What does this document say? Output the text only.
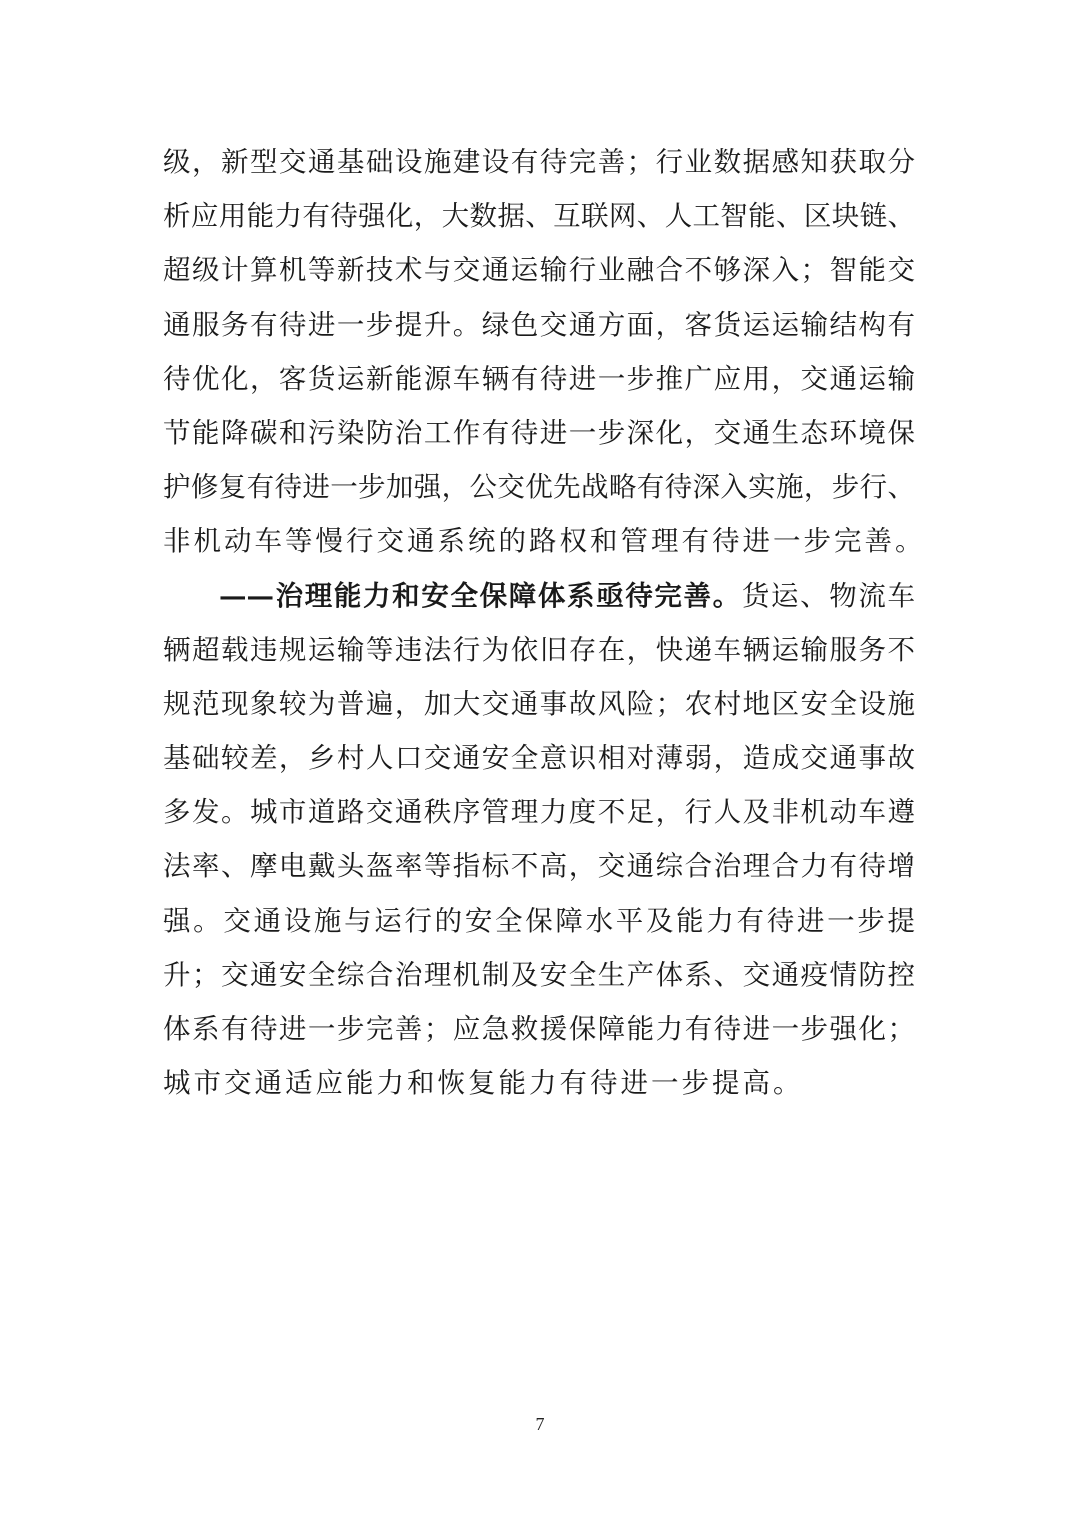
级，新型交通基础设施建设有待完善；行业数据感知获取分
析应用能力有待强化，大数据、互联网、人工智能、区块链、
超级计算机等新技术与交通运输行业融合不够深入；智能交
通服务有待进一步提升。绿色交通方面，客货运运输结构有
待优化，客货运新能源车辆有待进一步推广应用，交通运输
节能降碳和污染防治工作有待进一步深化，交通生态环境保
护修复有待进一步加强，公交优先战略有待深入实施，步行、
非机动车等慢行交通系统的路权和管理有待进一步完善。
——治理能力和安全保障体系亟待完善。货运、物流车
辆超载违规运输等违法行为依旧存在，快递车辆运输服务不
规范现象较为普遍，加大交通事故风险；农村地区安全设施
基础较差，乡村人口交通安全意识相对薄弱，造成交通事故
多发。城市道路交通秩序管理力度不足，行人及非机动车遵
法率、摩电戴头盔率等指标不高，交通综合治理合力有待增
强。交通设施与运行的安全保障水平及能力有待进一步提
升；交通安全综合治理机制及安全生产体系、交通疫情防控
体系有待进一步完善；应急救援保障能力有待进一步强化；
城市交通适应能力和恢复能力有待进一步提高。
7
